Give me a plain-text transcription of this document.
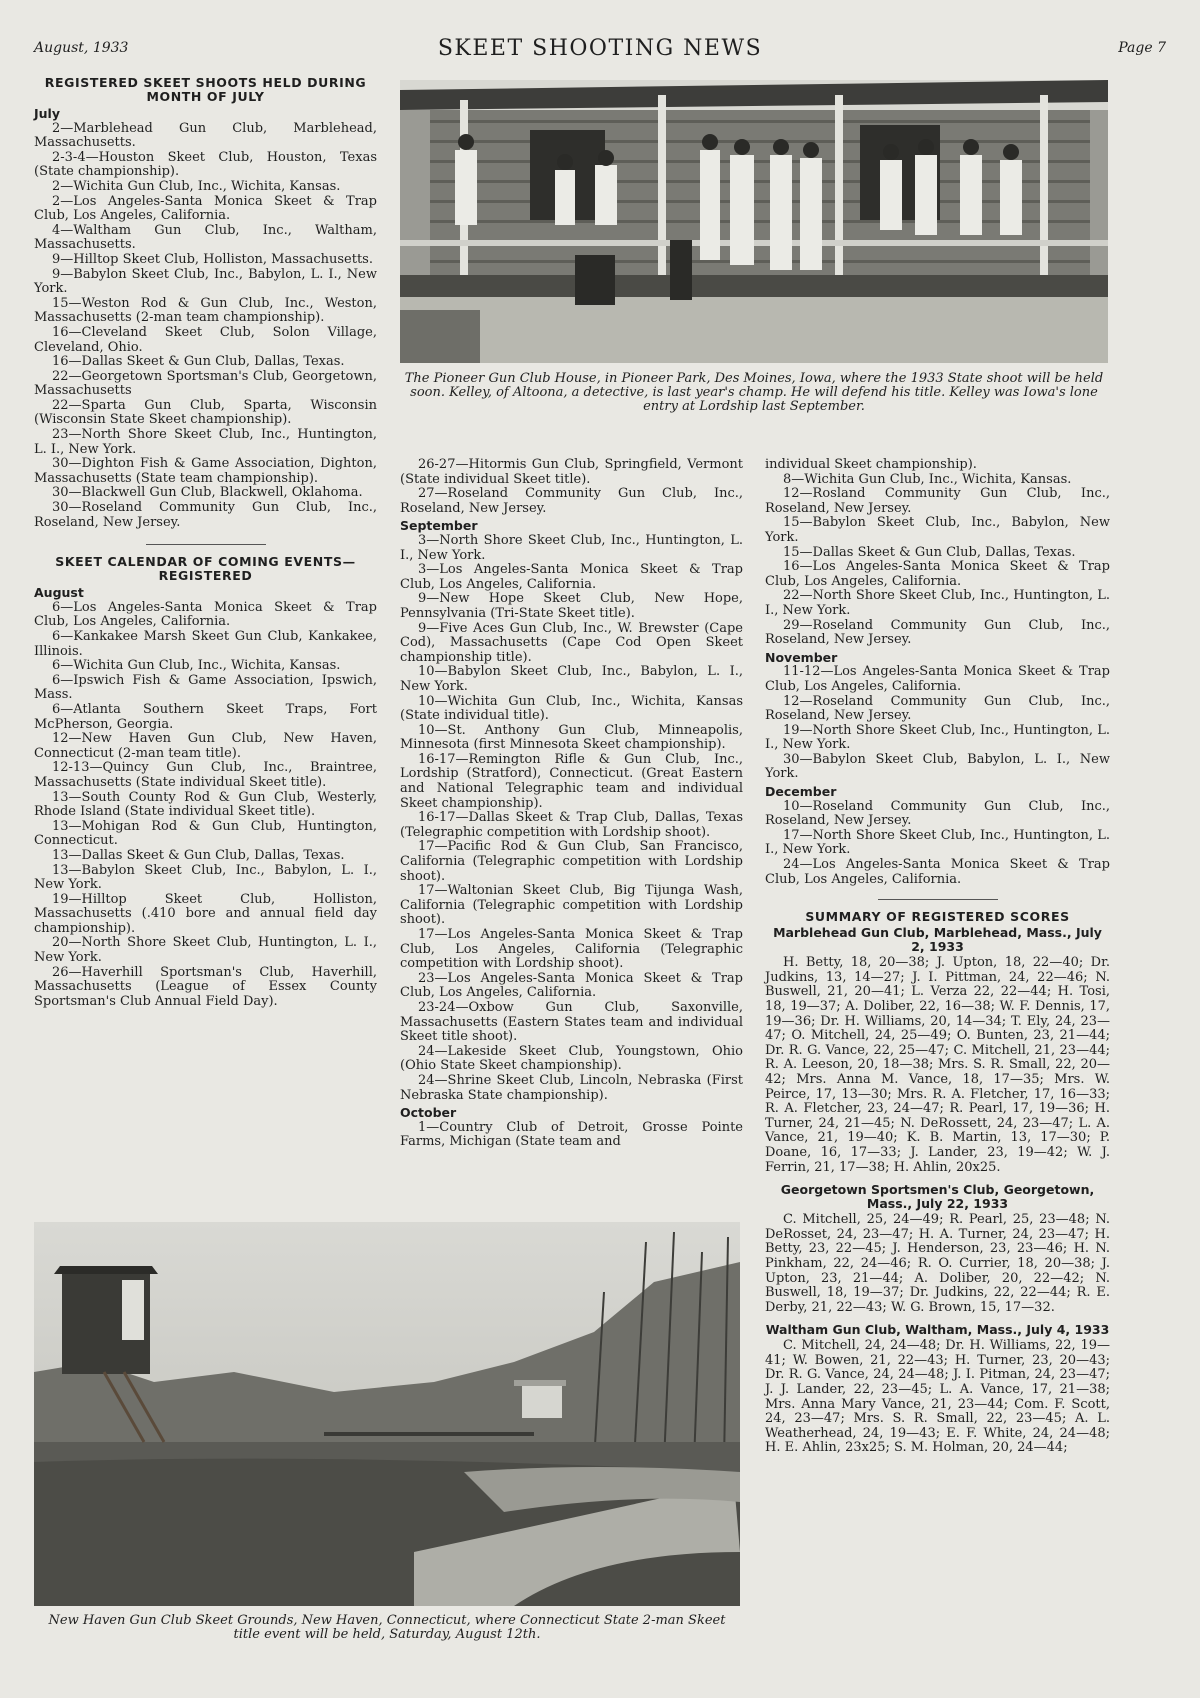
August, 1933	SKEET SHOOTING NEWS	Page 7
REGISTERED SKEET SHOOTS HELD DURING MONTH OF JULY
July

2—Marblehead Gun Club, Marblehead, Massachusetts.

2-3-4—Houston Skeet Club, Houston, Texas (State championship).

2—Wichita Gun Club, Inc., Wichita, Kansas.

2—Los Angeles-Santa Monica Skeet & Trap Club, Los Angeles, California.

4—Waltham Gun Club, Inc., Waltham, Massachusetts.

9—Hilltop Skeet Club, Holliston, Massachusetts.

9—Babylon Skeet Club, Inc., Babylon, L. I., New York.

15—Weston Rod & Gun Club, Inc., Weston, Massachusetts (2-man team championship).

16—Cleveland Skeet Club, Solon Village, Cleveland, Ohio.

16—Dallas Skeet & Gun Club, Dallas, Texas.

22—Georgetown Sportsman's Club, Georgetown, Massachusetts

22—Sparta Gun Club, Sparta, Wisconsin (Wisconsin State Skeet championship).

23—North Shore Skeet Club, Inc., Huntington, L. I., New York.

30—Dighton Fish & Game Association, Dighton, Massachusetts (State team championship).

30—Blackwell Gun Club, Blackwell, Oklahoma.

30—Roseland Community Gun Club, Inc., Roseland, New Jersey.

SKEET CALENDAR OF COMING EVENTS—REGISTERED
August

6—Los Angeles-Santa Monica Skeet & Trap Club, Los Angeles, California.

6—Kankakee Marsh Skeet Gun Club, Kankakee, Illinois.

6—Wichita Gun Club, Inc., Wichita, Kansas.

6—Ipswich Fish & Game Association, Ipswich, Mass.

6—Atlanta Southern Skeet Traps, Fort McPherson, Georgia.

12—New Haven Gun Club, New Haven, Connecticut (2-man team title).

12-13—Quincy Gun Club, Inc., Braintree, Massachusetts (State individual Skeet title).

13—South County Rod & Gun Club, Westerly, Rhode Island (State individual Skeet title).

13—Mohigan Rod & Gun Club, Huntington, Connecticut.

13—Dallas Skeet & Gun Club, Dallas, Texas.

13—Babylon Skeet Club, Inc., Babylon, L. I., New York.

19—Hilltop Skeet Club, Holliston, Massachusetts (.410 bore and annual field day championship).

20—North Shore Skeet Club, Huntington, L. I., New York.

26—Haverhill Sportsman's Club, Haverhill, Massachusetts (League of Essex County Sportsman's Club Annual Field Day).

The Pioneer Gun Club House, in Pioneer Park, Des Moines, Iowa, where the 1933 State shoot will be held soon. Kelley, of Altoona, a detective, is last year's champ. He will defend his title. Kelley was Iowa's lone entry at Lordship last September.

26-27—Hitormis Gun Club, Springfield, Vermont (State individual Skeet title).

27—Roseland Community Gun Club, Inc., Roseland, New Jersey.

September

3—North Shore Skeet Club, Inc., Huntington, L. I., New York.

3—Los Angeles-Santa Monica Skeet & Trap Club, Los Angeles, California.

9—New Hope Skeet Club, New Hope, Pennsylvania (Tri-State Skeet title).

9—Five Aces Gun Club, Inc., W. Brewster (Cape Cod), Massachusetts (Cape Cod Open Skeet championship title).

10—Babylon Skeet Club, Inc., Babylon, L. I., New York.

10—Wichita Gun Club, Inc., Wichita, Kansas (State individual title).

10—St. Anthony Gun Club, Minneapolis, Minnesota (first Minnesota Skeet championship).

16-17—Remington Rifle & Gun Club, Inc., Lordship (Stratford), Connecticut. (Great Eastern and National Telegraphic team and individual Skeet championship).

16-17—Dallas Skeet & Trap Club, Dallas, Texas (Telegraphic competition with Lordship shoot).

17—Pacific Rod & Gun Club, San Francisco, California (Telegraphic competition with Lordship shoot).

17—Waltonian Skeet Club, Big Tijunga Wash, California (Telegraphic competition with Lordship shoot).

17—Los Angeles-Santa Monica Skeet & Trap Club, Los Angeles, California (Telegraphic competition with Lordship shoot).

23—Los Angeles-Santa Monica Skeet & Trap Club, Los Angeles, California.

23-24—Oxbow Gun Club, Saxonville, Massachusetts (Eastern States team and individual Skeet title shoot).

24—Lakeside Skeet Club, Youngstown, Ohio (Ohio State Skeet championship).

24—Shrine Skeet Club, Lincoln, Nebraska (First Nebraska State championship).

October

1—Country Club of Detroit, Grosse Pointe Farms, Michigan (State team and

individual Skeet championship).

8—Wichita Gun Club, Inc., Wichita, Kansas.

12—Rosland Community Gun Club, Inc., Roseland, New Jersey.

15—Babylon Skeet Club, Inc., Babylon, New York.

15—Dallas Skeet & Gun Club, Dallas, Texas.

16—Los Angeles-Santa Monica Skeet & Trap Club, Los Angeles, California.

22—North Shore Skeet Club, Inc., Huntington, L. I., New York.

29—Roseland Community Gun Club, Inc., Roseland, New Jersey.

November

11-12—Los Angeles-Santa Monica Skeet & Trap Club, Los Angeles, California.

12—Roseland Community Gun Club, Inc., Roseland, New Jersey.

19—North Shore Skeet Club, Inc., Huntington, L. I., New York.

30—Babylon Skeet Club, Babylon, L. I., New York.

December

10—Roseland Community Gun Club, Inc., Roseland, New Jersey.

17—North Shore Skeet Club, Inc., Huntington, L. I., New York.

24—Los Angeles-Santa Monica Skeet & Trap Club, Los Angeles, California.

SUMMARY OF REGISTERED SCORES
Marblehead Gun Club, Marblehead, Mass., July 2, 1933

H. Betty, 18, 20—38; J. Upton, 18, 22—40; Dr. Judkins, 13, 14—27; J. I. Pittman, 24, 22—46; N. Buswell, 21, 20—41; L. Verza 22, 22—44; H. Tosi, 18, 19—37; A. Doliber, 22, 16—38; W. F. Dennis, 17, 19—36; Dr. H. Williams, 20, 14—34; T. Ely, 24, 23—47; O. Mitchell, 24, 25—49; O. Bunten, 23, 21—44; Dr. R. G. Vance, 22, 25—47; C. Mitchell, 21, 23—44; R. A. Leeson, 20, 18—38; Mrs. S. R. Small, 22, 20—42; Mrs. Anna M. Vance, 18, 17—35; Mrs. W. Peirce, 17, 13—30; Mrs. R. A. Fletcher, 17, 16—33; R. A. Fletcher, 23, 24—47; R. Pearl, 17, 19—36; H. Turner, 24, 21—45; N. DeRossett, 24, 23—47; L. A. Vance, 21, 19—40; K. B. Martin, 13, 17—30; P. Doane, 16, 17—33; J. Lander, 23, 19—42; W. J. Ferrin, 21, 17—38; H. Ahlin, 20x25.

Georgetown Sportsmen's Club, Georgetown, Mass., July 22, 1933

C. Mitchell, 25, 24—49; R. Pearl, 25, 23—48; N. DeRosset, 24, 23—47; H. A. Turner, 24, 23—47; H. Betty, 23, 22—45; J. Henderson, 23, 23—46; H. N. Pinkham, 22, 24—46; R. O. Currier, 18, 20—38; J. Upton, 23, 21—44; A. Doliber, 20, 22—42; N. Buswell, 18, 19—37; Dr. Judkins, 22, 22—44; R. E. Derby, 21, 22—43; W. G. Brown, 15, 17—32.

Waltham Gun Club, Waltham, Mass., July 4, 1933

C. Mitchell, 24, 24—48; Dr. H. Williams, 22, 19—41; W. Bowen, 21, 22—43; H. Turner, 23, 20—43; Dr. R. G. Vance, 24, 24—48; J. I. Pitman, 24, 23—47; J. J. Lander, 22, 23—45; L. A. Vance, 17, 21—38; Mrs. Anna Mary Vance, 21, 23—44; Com. F. Scott, 24, 23—47; Mrs. S. R. Small, 22, 23—45; A. L. Weatherhead, 24, 19—43; E. F. White, 24, 24—48; H. E. Ahlin, 23x25; S. M. Holman, 20, 24—44;

New Haven Gun Club Skeet Grounds, New Haven, Connecticut, where Connecticut State 2-man Skeet title event will be held, Saturday, August 12th.
